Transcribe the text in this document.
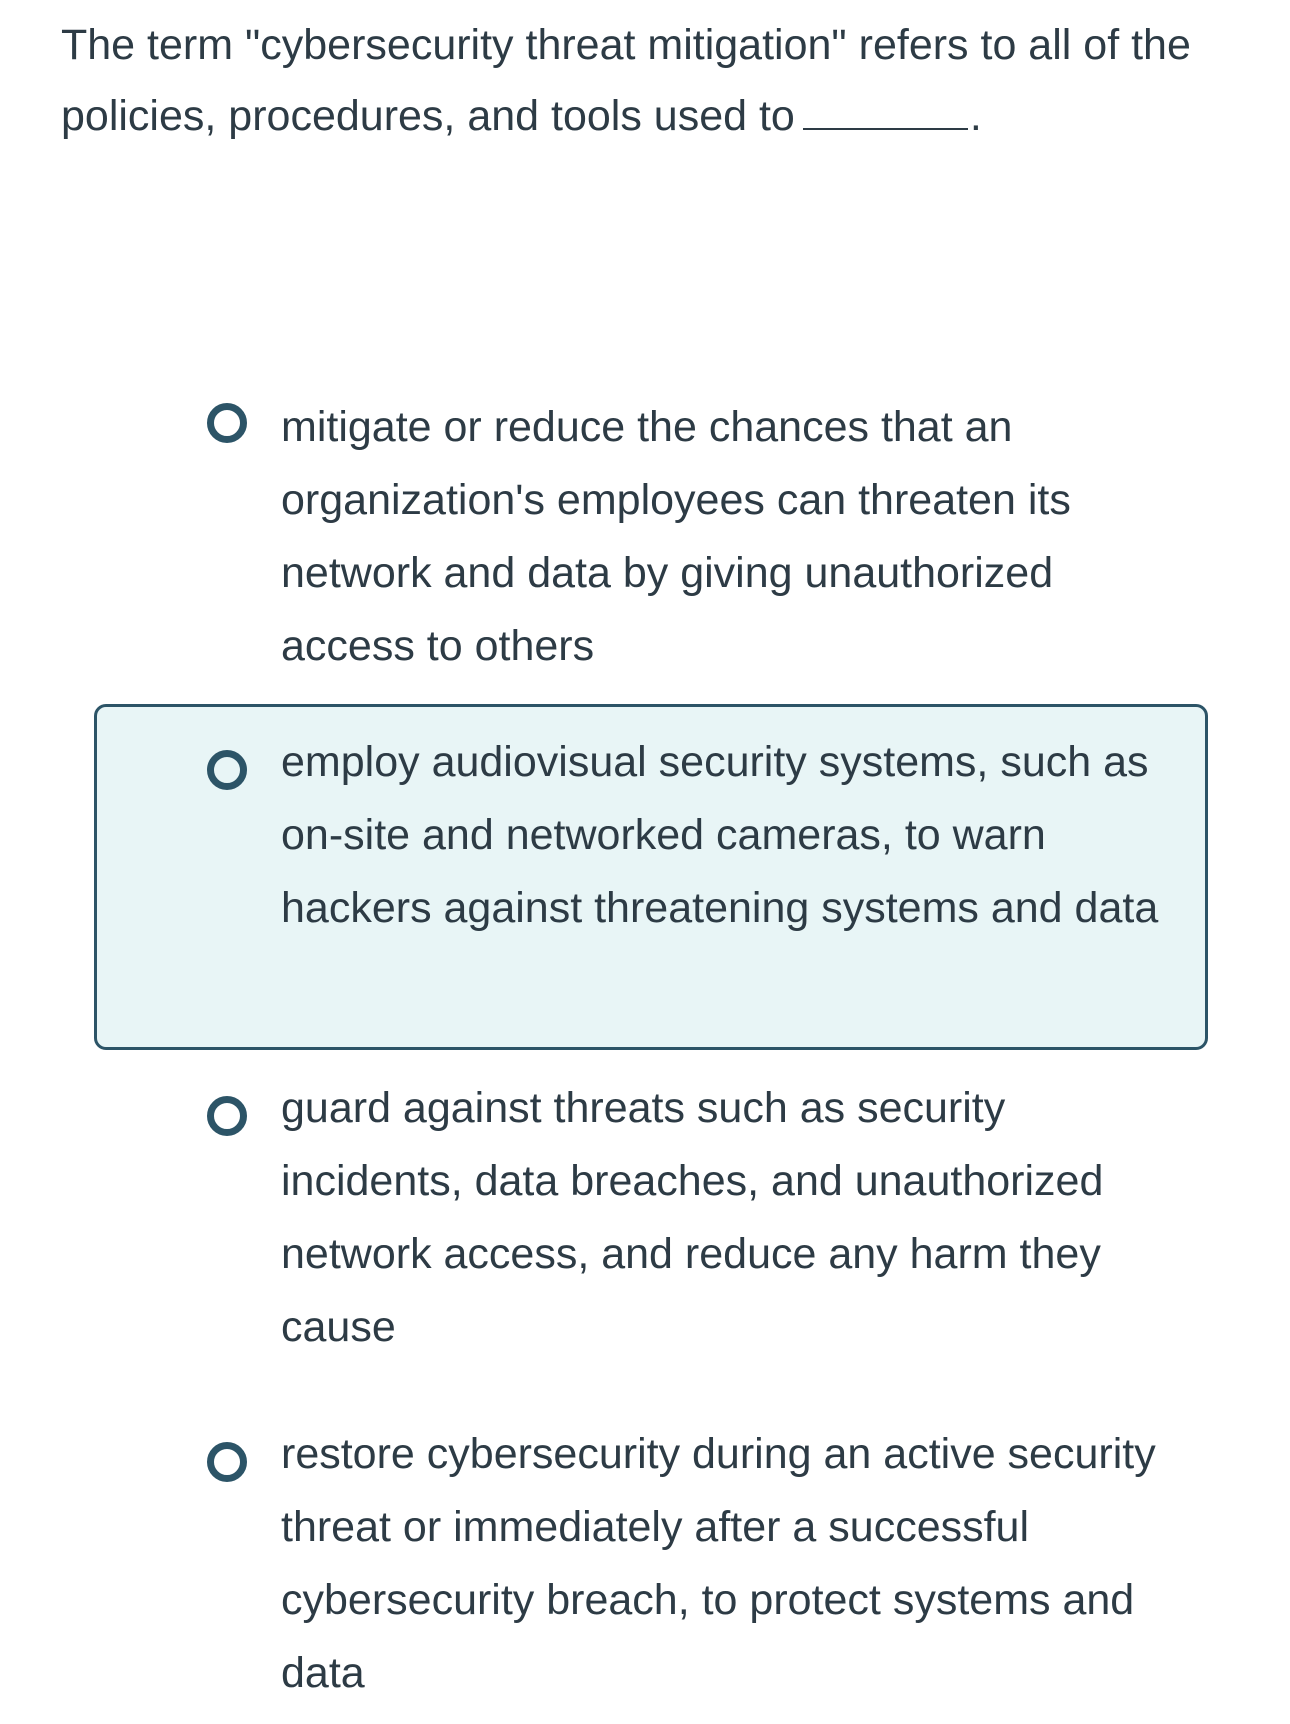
The term "cybersecurity threat mitigation" refers to all of the policies, procedures, and tools used to	.

mitigate or reduce the chances that an organization's employees can threaten its network and data by giving unauthorized access to others

employ audiovisual security systems, such as on-site and networked cameras, to warn hackers against threatening systems and data

guard against threats such as security incidents, data breaches, and unauthorized network access, and reduce any harm they cause

restore cybersecurity during an active security threat or immediately after a successful cybersecurity breach, to protect systems and data
